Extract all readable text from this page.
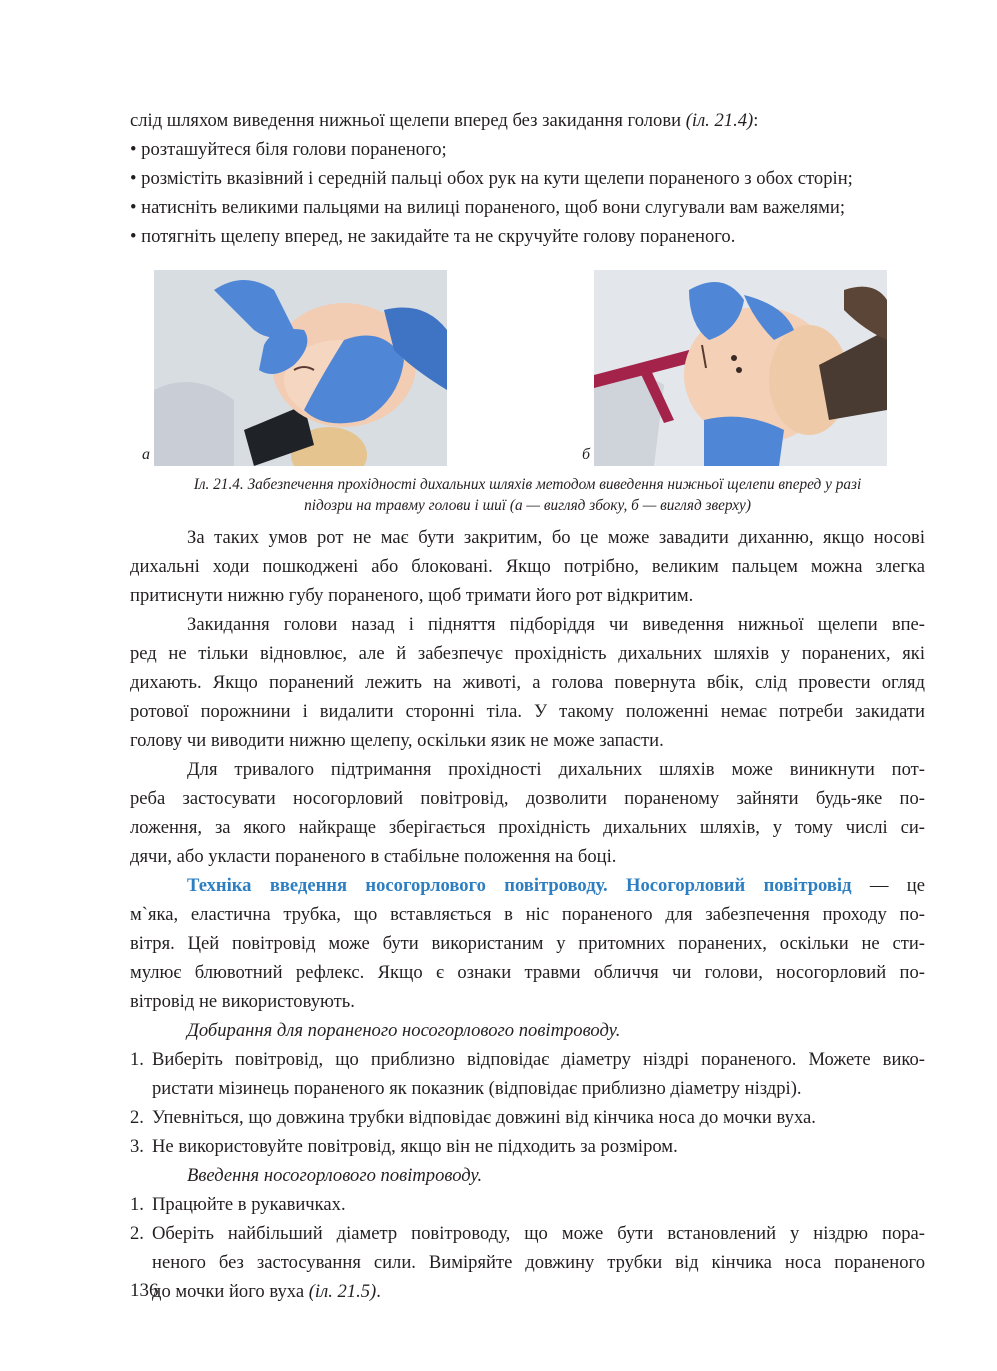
слід шляхом виведення нижньої щелепи вперед без закидання голови (іл. 21.4):
• розташуйтеся біля голови пораненого;
• розмістіть вказівний і середній пальці обох рук на кути щелепи пораненого з обох сторін;
• натисніть великими пальцями на вилиці пораненого, щоб вони слугували вам важелями;
• потягніть щелепу вперед, не закидайте та не скручуйте голову пораненого.
а	б
Іл. 21.4. Забезпечення прохідності дихальних шляхів методом виведення нижньої щелепи вперед у разі
підозри на травму голови і шиї (а — вигляд збоку, б — вигляд зверху)
За таких умов рот не має бути закритим, бо це може завадити диханню, якщо носові
дихальні ходи пошкоджені або блоковані. Якщо потрібно, великим пальцем можна злегка
притиснути нижню губу пораненого, щоб тримати його рот відкритим.
Закидання голови назад і підняття підборіддя чи виведення нижньої щелепи впе-
ред не тільки відновлює, але й забезпечує прохідність дихальних шляхів у поранених, які
дихають. Якщо поранений лежить на животі, а голова повернута вбік, слід провести огляд
ротової порожнини і видалити сторонні тіла. У такому положенні немає потреби закидати
голову чи виводити нижню щелепу, оскільки язик не може запасти.
Для тривалого підтримання прохідності дихальних шляхів може виникнути пот-
реба застосувати носогорловий повітровід, дозволити пораненому зайняти будь-яке по-
ложення, за якого найкраще зберігається прохідність дихальних шляхів, у тому числі си-
дячи, або укласти пораненого в стабільне положення на боці.
Техніка введення носогорлового повітроводу. Носогорловий повітровід — це
м`яка, еластична трубка, що вставляється в ніс пораненого для забезпечення проходу по-
вітря. Цей повітровід може бути використаним у притомних поранених, оскільки не сти-
мулює блювотний рефлекс. Якщо є ознаки травми обличчя чи голови, носогорловий по-
вітровід не використовують.
Добирання для пораненого носогорлового повітроводу.
1. Виберіть повітровід, що приблизно відповідає діаметру ніздрі пораненого. Можете вико-
ристати мізинець пораненого як показник (відповідає приблизно діаметру ніздрі).
2. Упевніться, що довжина трубки відповідає довжині від кінчика носа до мочки вуха.
3. Не використовуйте повітровід, якщо він не підходить за розміром.
Введення носогорлового повітроводу.
1. Працюйте в рукавичках.
2. Оберіть найбільший діаметр повітроводу, що може бути встановлений у ніздрю пора-
неного без застосування сили. Виміряйте довжину трубки від кінчика носа пораненого
до мочки його вуха (іл. 21.5).
136
